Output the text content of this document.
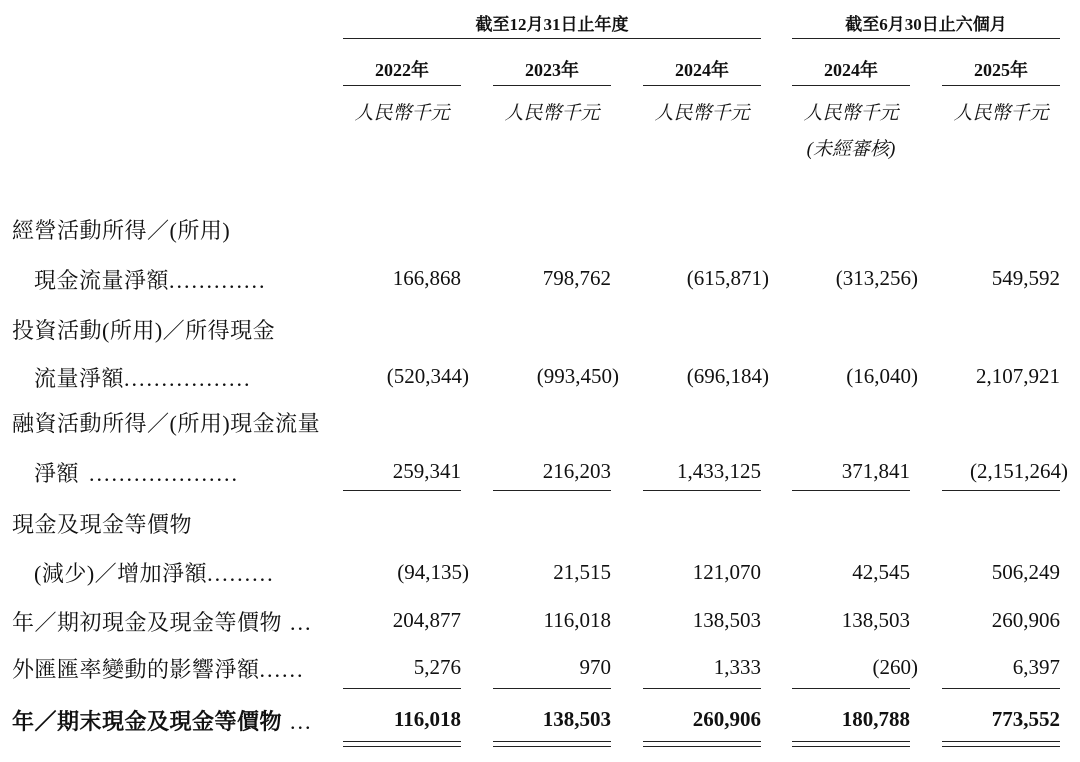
截至12月31日止年度	截至6月30日止六個月
2022年	2023年	2024年	2024年	2025年
人民幣千元	人民幣千元	人民幣千元	人民幣千元	人民幣千元
(未經審核)
經營活動所得／(所用)
現金流量淨額.............	166,868	798,762	(615,871)	(313,256)	549,592
投資活動(所用)／所得現金
流量淨額.................	(520,344)	(993,450)	(696,184)	(16,040)	2,107,921
融資活動所得／(所用)現金流量
淨額 ....................	259,341	216,203	1,433,125	371,841	(2,151,264)
現金及現金等價物
(減少)／增加淨額.........	(94,135)	21,515	121,070	42,545	506,249
年／期初現金及現金等價物 ...	204,877	116,018	138,503	138,503	260,906
外匯匯率變動的影響淨額......	5,276	970	1,333	(260)	6,397
年／期末現金及現金等價物 ...	116,018	138,503	260,906	180,788	773,552
